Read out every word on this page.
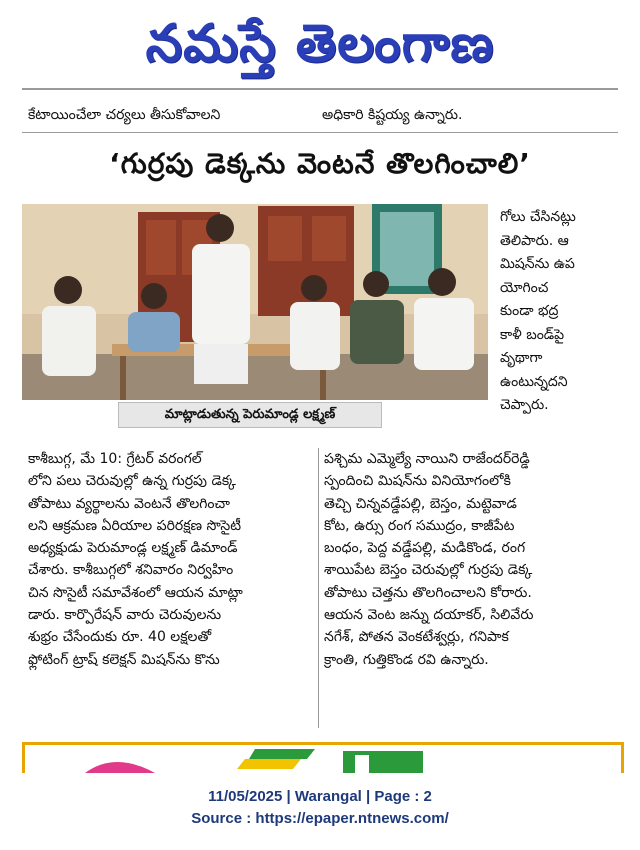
నమస్తే తెలంగాణ
కేటాయించేలా చర్యలు తీసుకోవాలని	అధికారి కిష్టయ్య ఉన్నారు.
‘గుర్రపు డెక్కను వెంటనే తొలగించాలి’
మాట్లాడుతున్న పెరుమాండ్ల లక్ష్మణ్
గోలు చేసినట్లు
తెలిపారు. ఆ
మిషన్‌ను ఉప
యోగించ
కుండా భద్ర
కాళీ బండ్‌పై
వృథాగా
ఉంటున్నదని
చెప్పారు.
కాశీబుగ్గ, మే 10: గ్రేటర్ వరంగల్
లోని పలు చెరువుల్లో ఉన్న గుర్రపు డెక్క
తోపాటు వ్యర్థాలను వెంటనే తొలగించా
లని ఆక్రమణ ఏరియాల పరిరక్షణ సొసైటీ
అధ్యక్షుడు పెరుమాండ్ల లక్ష్మణ్ డిమాండ్
చేశారు. కాశీబుగ్గలో శనివారం నిర్వహిం
చిన సొసైటీ సమావేశంలో ఆయన మాట్లా
డారు. కార్పొరేషన్ వారు చెరువులను
శుభ్రం చేసేందుకు రూ. 40 లక్షలతో
ఫ్లోటింగ్ ట్రాష్ కలెక్షన్ మిషన్‌ను కొను
పశ్చిమ ఎమ్మెల్యే నాయిని రాజేందర్‌రెడ్డి
స్పందించి మిషన్‌ను వినియోగంలోకి
తెచ్చి చిన్నవడ్డేపల్లి, బెస్తం, మట్టెవాడ
కోట, ఉర్సు రంగ సముద్రం, కాజీపేట
బంధం, పెద్ద వడ్డేపల్లి, మడికొండ, రంగ
శాయిపేట బెస్తం చెరువుల్లో గుర్రపు డెక్క
తోపాటు చెత్తను తొలగించాలని కోరారు.
ఆయన వెంట జన్ను దయాకర్, సిలివేరు
నగేశ్, పోతన వెంకటేశ్వర్లు, గనిపాక
క్రాంతి, గుత్తికొండ రవి ఉన్నారు.
11/05/2025 | Warangal | Page : 2
Source : https://epaper.ntnews.com/
